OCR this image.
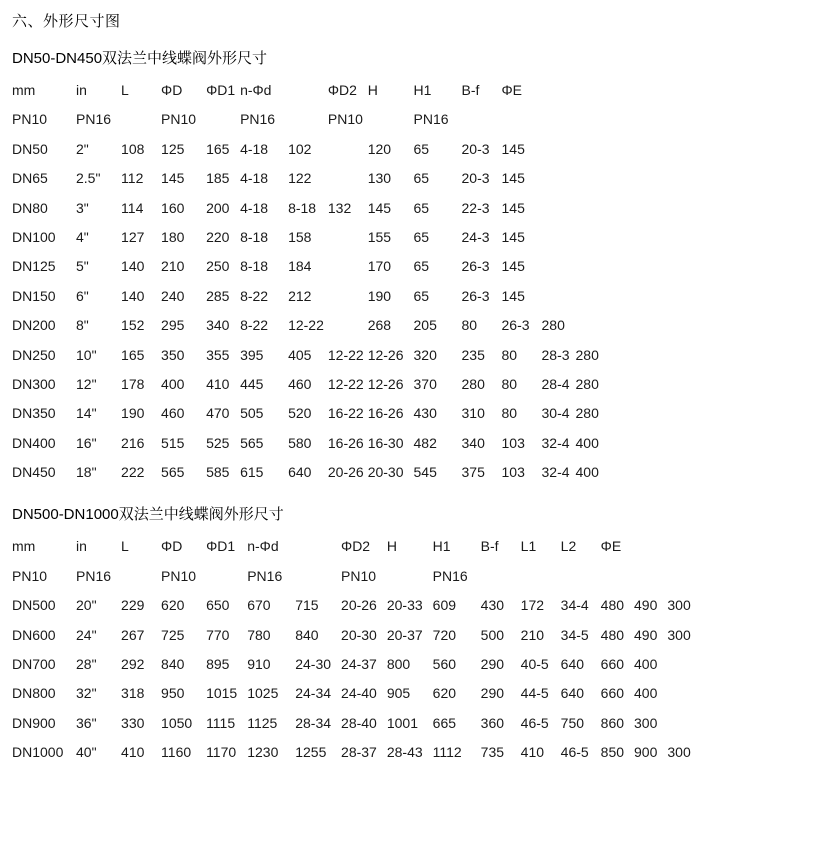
六、外形尺寸图
DN50-DN450双法兰中线蝶阀外形尺寸
mm	in	L	ΦD	ΦD1	n-Φd		ΦD2	H	H1	B-f	ΦE		
PN10	PN16		PN10		PN16		PN10		PN16				
DN50	2"	108	125	165	4-18	102		120	65	20-3	145		
DN65	2.5"	112	145	185	4-18	122		130	65	20-3	145		
DN80	3"	114	160	200	4-18	8-18	132	145	65	22-3	145		
DN100	4"	127	180	220	8-18	158		155	65	24-3	145		
DN125	5"	140	210	250	8-18	184		170	65	26-3	145		
DN150	6"	140	240	285	8-22	212		190	65	26-3	145		
DN200	8"	152	295	340	8-22	12-22		268	205	80	26-3	280	
DN250	10"	165	350	355	395	405	12-22	12-26	320	235	80	28-3	280
DN300	12"	178	400	410	445	460	12-22	12-26	370	280	80	28-4	280
DN350	14"	190	460	470	505	520	16-22	16-26	430	310	80	30-4	280
DN400	16"	216	515	525	565	580	16-26	16-30	482	340	103	32-4	400
DN450	18"	222	565	585	615	640	20-26	20-30	545	375	103	32-4	400
DN500-DN1000双法兰中线蝶阀外形尺寸
mm	in	L	ΦD	ΦD1	n-Φd		ΦD2	H	H1	B-f	L1	L2	ΦE		
PN10	PN16		PN10		PN16		PN10		PN16						
DN500	20"	229	620	650	670	715	20-26	20-33	609	430	172	34-4	480	490	300
DN600	24"	267	725	770	780	840	20-30	20-37	720	500	210	34-5	480	490	300
DN700	28"	292	840	895	910	24-30	24-37	800	560	290	40-5	640	660	400	
DN800	32"	318	950	1015	1025	24-34	24-40	905	620	290	44-5	640	660	400	
DN900	36"	330	1050	1115	1125	28-34	28-40	1001	665	360	46-5	750	860	300	
DN1000	40"	410	1160	1170	1230	1255	28-37	28-43	1112	735	410	46-5	850	900	300
